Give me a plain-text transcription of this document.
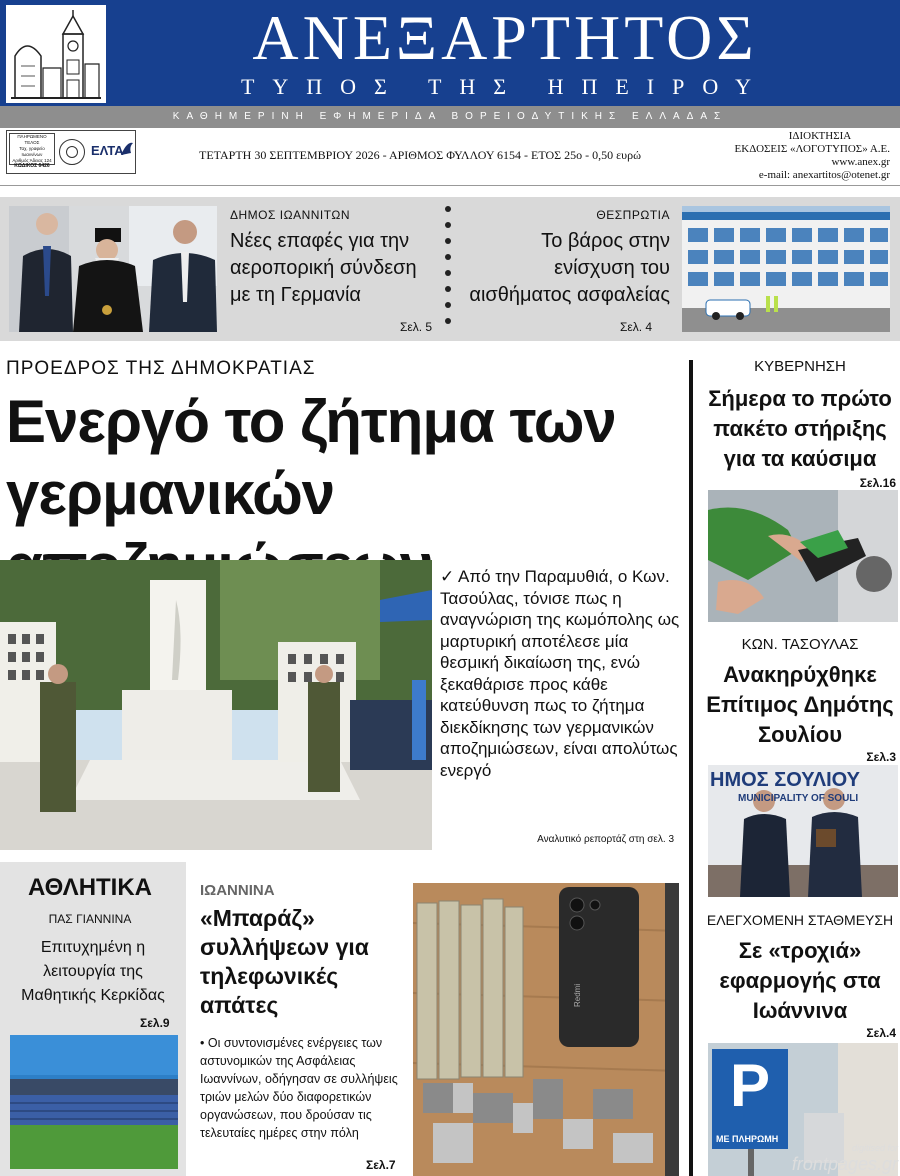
ΑΝΕΞΑΡΤΗΤΟΣ
ΤΥΠΟΣ ΤΗΣ ΗΠΕΙΡΟΥ
ΚΑΘΗΜΕΡΙΝΗ ΕΦΗΜΕΡΙΔΑ ΒΟΡΕΙΟΔΥΤΙΚΗΣ ΕΛΛΑΔΑΣ
ΠΛΗΡΩΜΕΝΟ ΤΕΛΟΣ
Ταχ. γραφείο Ιωαννίνων
Αριθμός Άδειας 124
ΚΩΔΙΚΟΣ 6426
ΕΛΤΑ	ΤΕΤΑΡΤΗ 30 ΣΕΠΤΕΜΒΡΙΟΥ 2026 - ΑΡΙΘΜΟΣ ΦΥΛΛΟΥ 6154 - ΕΤΟΣ 25ο - 0,50 ευρώ
ΙΔΙΟΚΤΗΣΙΑ
ΕΚΔΟΣΕΙΣ «ΛΟΓΟΤΥΠΟΣ» Α.Ε.
www.anex.gr
e-mail: anexartitos@otenet.gr
ΔΗΜΟΣ ΙΩΑΝΝΙΤΩΝ
Νέες επαφές για την αεροπορική σύνδεση με τη Γερμανία
Σελ. 5
ΘΕΣΠΡΩΤΙΑ
Το βάρος στην ενίσχυση του αισθήματος ασφαλείας
Σελ. 4
ΠΡΟΕΔΡΟΣ ΤΗΣ ΔΗΜΟΚΡΑΤΙΑΣ
Ενεργό το ζήτημα των
γερμανικών
✓ Από την Παραμυθιά, ο Κων. Τασούλας, τόνισε πως η αναγνώριση της κωμόπολης ως μαρτυρική αποτέλεσε μία θεσμική δικαίωση της, ενώ ξεκαθάρισε προς κάθε κατεύθυνση πως το ζήτημα διεκδίκησης των γερμανικών αποζημιώσεων, είναι απολύτως ενεργό
Αναλυτικό ρεπορτάζ στη σελ. 3
ΚΥΒΕΡΝΗΣΗ
Σήμερα το πρώτο πακέτο στήριξης για τα καύσιμα
Σελ.16
ΚΩΝ. ΤΑΣΟΥΛΑΣ
Ανακηρύχθηκε Επίτιμος Δημότης Σουλίου
Σελ.3
ΗΜΟΣ ΣΟΥΛΙΟΥ
MUNICIPALITY OF SOULI
ΕΛΕΓΧΟΜΕΝΗ ΣΤΑΘΜΕΥΣΗ
Σε «τροχιά» εφαρμογής στα Ιωάννινα
Σελ.4
P
ΜΕ ΠΛΗΡΩΜΗ
ΑΘΛΗΤΙΚΑ
ΠΑΣ ΓΙΑΝΝΙΝΑ
Επιτυχημένη η λειτουργία της Μαθητικής Κερκίδας
Σελ.9
ΙΩΑΝΝΙΝΑ
«Μπαράζ» συλλήψεων για τηλεφωνικές απάτες
• Οι συντονισμένες ενέργειες των αστυνομικών της Ασφάλειας Ιωαννίνων, οδήγησαν σε συλλήψεις τριών μελών δύο διαφορετικών οργανώσεων, που δρούσαν τις τελευταίες ημέρες στην πόλη
Σελ.7
Redmi
digitised for
frontpages.gr
